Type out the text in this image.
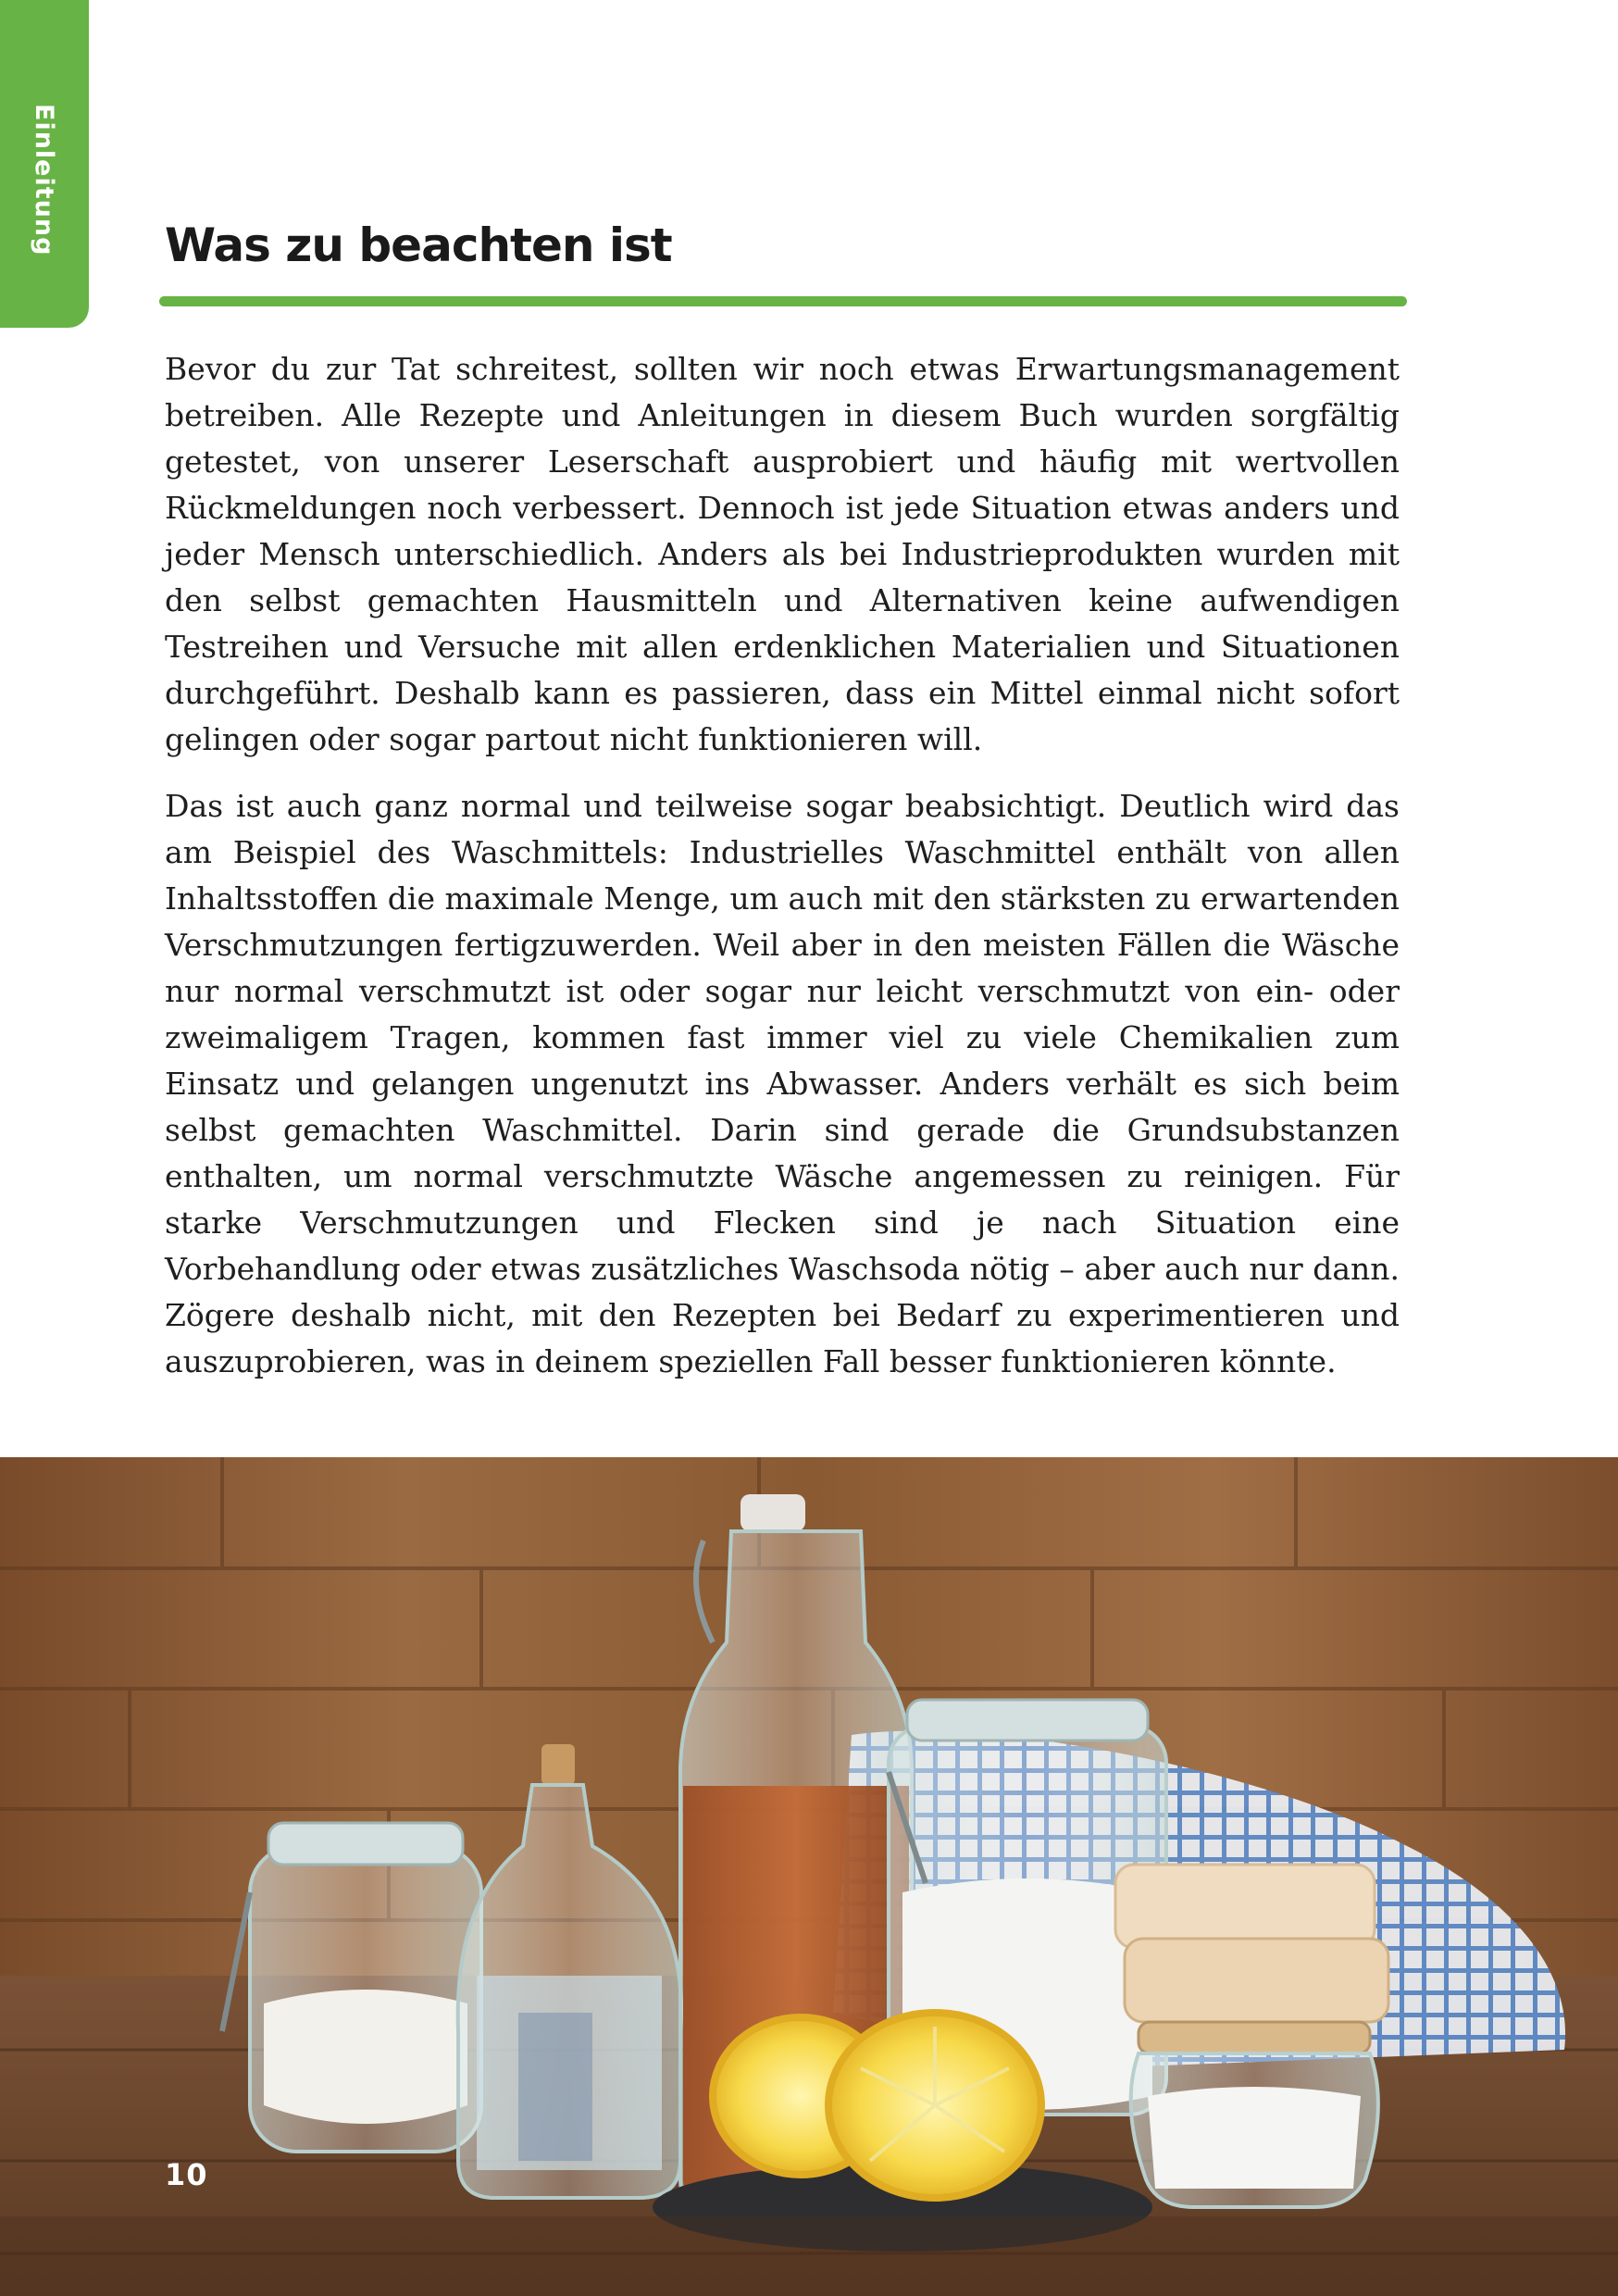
Einleitung Was zu beachten ist

Bevor du zur Tat schreitest, sollten wir noch etwas Erwartungsmanagement betreiben. Alle Rezepte und Anleitungen in diesem Buch wurden sorgfältig getestet, von unserer Leserschaft ausprobiert und häufig mit wertvollen Rückmeldungen noch verbessert. Dennoch ist jede Situation etwas anders und jeder Mensch unterschiedlich. Anders als bei Industrieprodukten wurden mit den selbst gemachten Hausmitteln und Alternativen keine aufwendigen Testreihen und Versuche mit allen erdenklichen Materialien und Situationen durchgeführt. Deshalb kann es passieren, dass ein Mittel einmal nicht sofort gelingen oder sogar partout nicht funktionieren will.

Das ist auch ganz normal und teilweise sogar beabsichtigt. Deutlich wird das am Beispiel des Waschmittels: Industrielles Waschmittel enthält von allen Inhaltsstoffen die maximale Menge, um auch mit den stärksten zu erwartenden Verschmutzungen fertigzuwerden. Weil aber in den meisten Fällen die Wäsche nur normal verschmutzt ist oder sogar nur leicht verschmutzt von ein- oder zweimaligem Tragen, kommen fast immer viel zu viele Chemikalien zum Einsatz und gelangen ungenutzt ins Abwasser. Anders verhält es sich beim selbst gemachten Waschmittel. Darin sind gerade die Grundsubstanzen enthalten, um normal verschmutzte Wäsche angemessen zu reinigen. Für starke Verschmutzungen und Flecken sind je nach Situation eine Vorbehandlung oder etwas zusätzliches Waschsoda nötig – aber auch nur dann. Zögere deshalb nicht, mit den Rezepten bei Bedarf zu experimentieren und auszuprobieren, was in deinem speziellen Fall besser funktionieren könnte.

10
